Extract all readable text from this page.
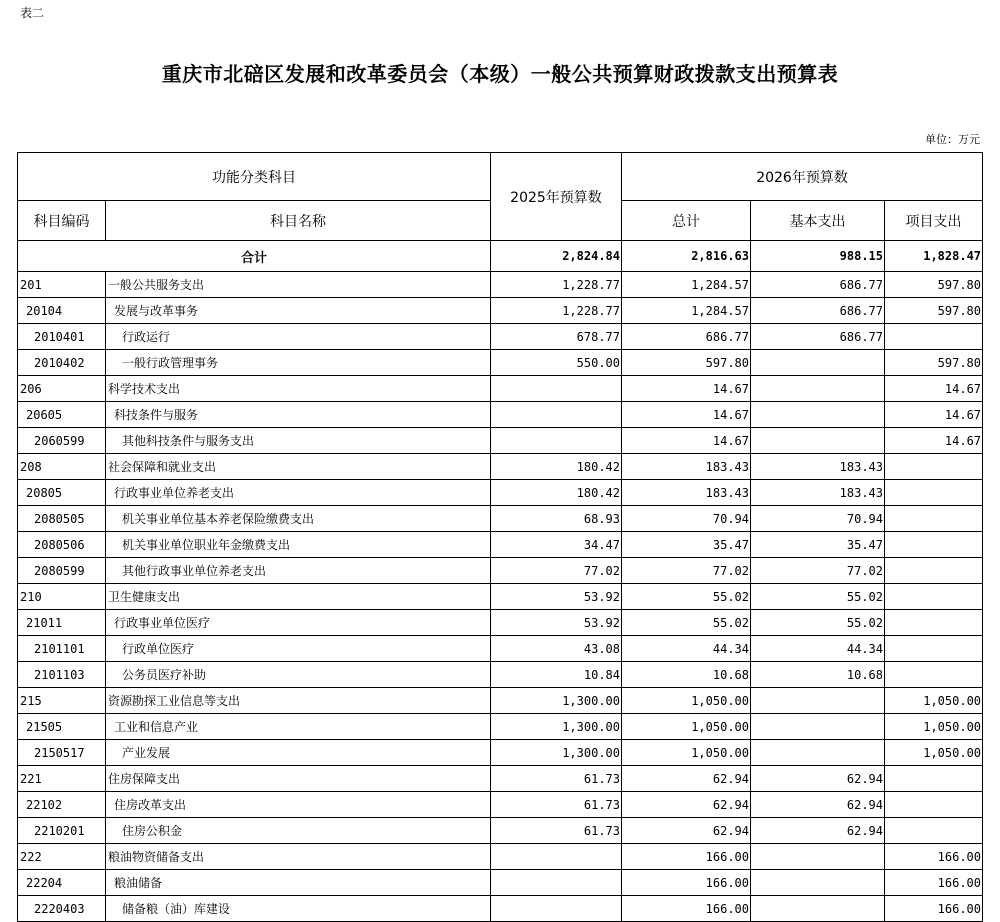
表二
重庆市北碚区发展和改革委员会（本级）一般公共预算财政拨款支出预算表
单位：万元
功能分类科目		2025年预算数	2026年预算数		
科目编码	科目名称		总计	基本支出	项目支出
合计		2,824.84	2,816.63	988.15	1,828.47
201	一般公共服务支出	1,228.77	1,284.57	686.77	597.80
20104	发展与改革事务	1,228.77	1,284.57	686.77	597.80
2010401	行政运行	678.77	686.77	686.77	
2010402	一般行政管理事务	550.00	597.80		597.80
206	科学技术支出		14.67		14.67
20605	科技条件与服务		14.67		14.67
2060599	其他科技条件与服务支出		14.67		14.67
208	社会保障和就业支出	180.42	183.43	183.43	
20805	行政事业单位养老支出	180.42	183.43	183.43	
2080505	机关事业单位基本养老保险缴费支出	68.93	70.94	70.94	
2080506	机关事业单位职业年金缴费支出	34.47	35.47	35.47	
2080599	其他行政事业单位养老支出	77.02	77.02	77.02	
210	卫生健康支出	53.92	55.02	55.02	
21011	行政事业单位医疗	53.92	55.02	55.02	
2101101	行政单位医疗	43.08	44.34	44.34	
2101103	公务员医疗补助	10.84	10.68	10.68	
215	资源勘探工业信息等支出	1,300.00	1,050.00		1,050.00
21505	工业和信息产业	1,300.00	1,050.00		1,050.00
2150517	产业发展	1,300.00	1,050.00		1,050.00
221	住房保障支出	61.73	62.94	62.94	
22102	住房改革支出	61.73	62.94	62.94	
2210201	住房公积金	61.73	62.94	62.94	
222	粮油物资储备支出		166.00		166.00
22204	粮油储备		166.00		166.00
2220403	储备粮（油）库建设		166.00		166.00
